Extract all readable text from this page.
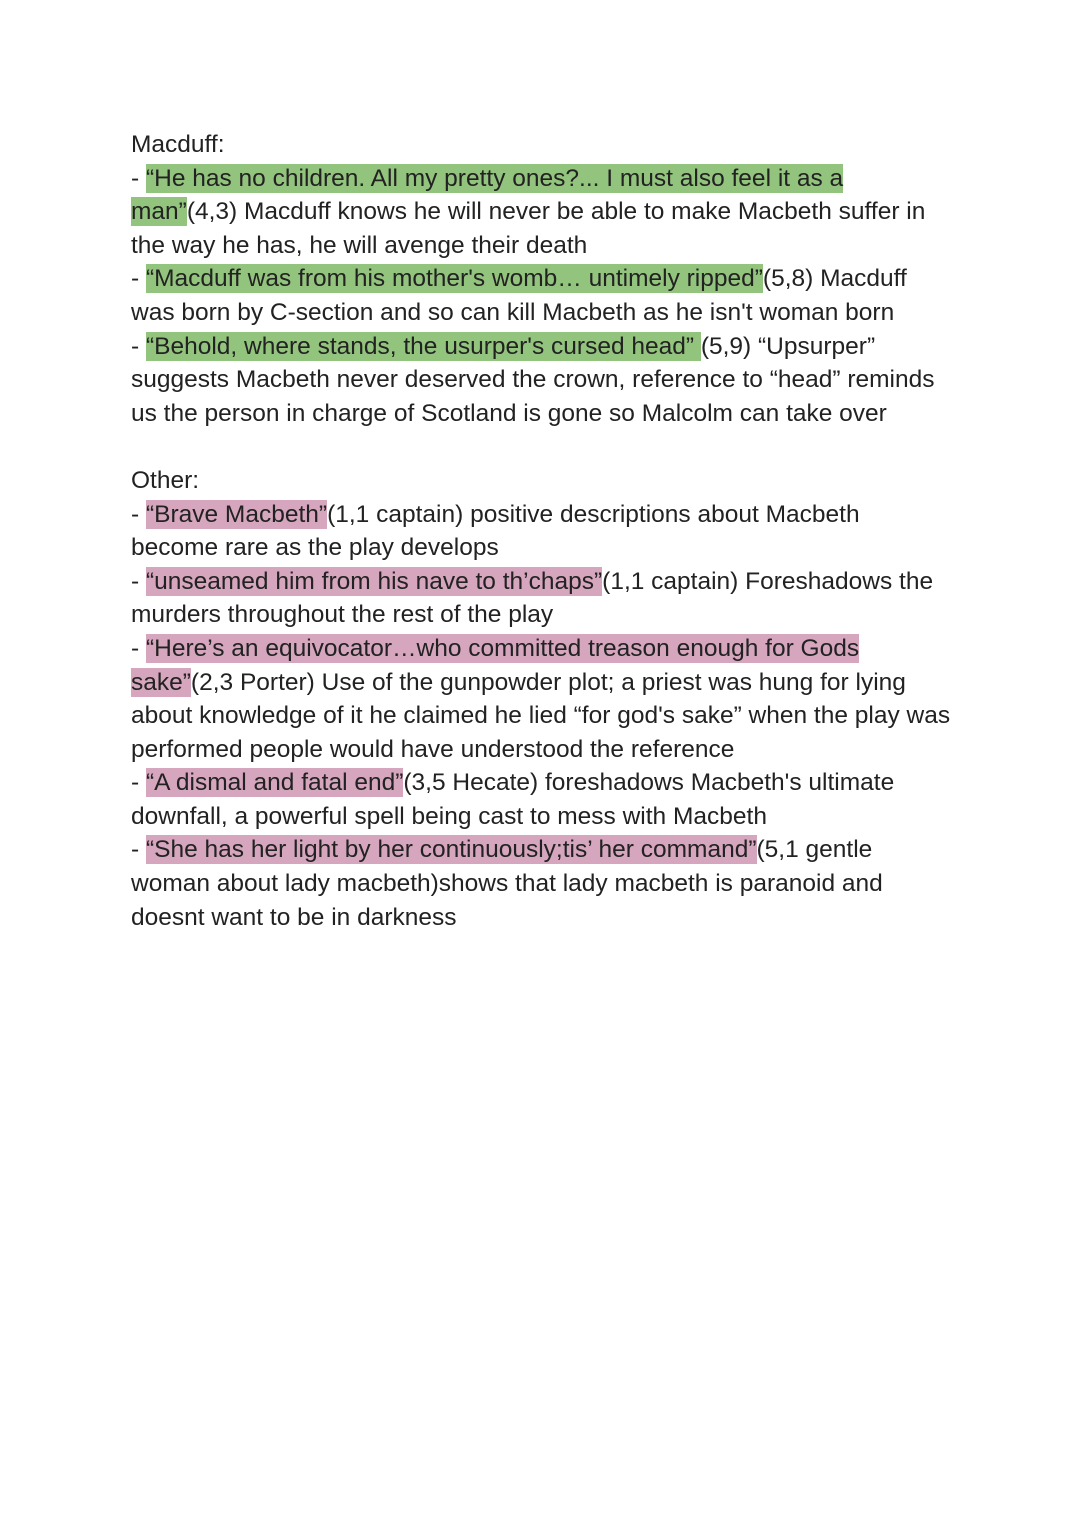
Macduff:
- “He has no children. All my pretty ones?... I must also feel it as a man”(4,3) Macduff knows he will never be able to make Macbeth suffer in the way he has, he will avenge their death
- “Macduff was from his mother's womb… untimely ripped”(5,8) Macduff was born by C-section and so can kill Macbeth as he isn't woman born
- “Behold, where stands, the usurper's cursed head” (5,9) “Upsurper” suggests Macbeth never deserved the crown, reference to “head” reminds us the person in charge of Scotland is gone so Malcolm can take over
Other:
- “Brave Macbeth”(1,1 captain) positive descriptions about Macbeth become rare as the play develops
- “unseamed him from his nave to th’chaps”(1,1 captain) Foreshadows the murders throughout the rest of the play
- “Here’s an equivocator…who committed treason enough for Gods sake”(2,3 Porter) Use of the gunpowder plot; a priest was hung for lying about knowledge of it he claimed he lied “for god's sake” when the play was performed people would have understood the reference
- “A dismal and fatal end”(3,5 Hecate) foreshadows Macbeth's ultimate downfall, a powerful spell being cast to mess with Macbeth
- “She has her light by her continuously;tis’ her command”(5,1 gentle woman about lady macbeth)shows that lady macbeth is paranoid and doesnt want to be in darkness
